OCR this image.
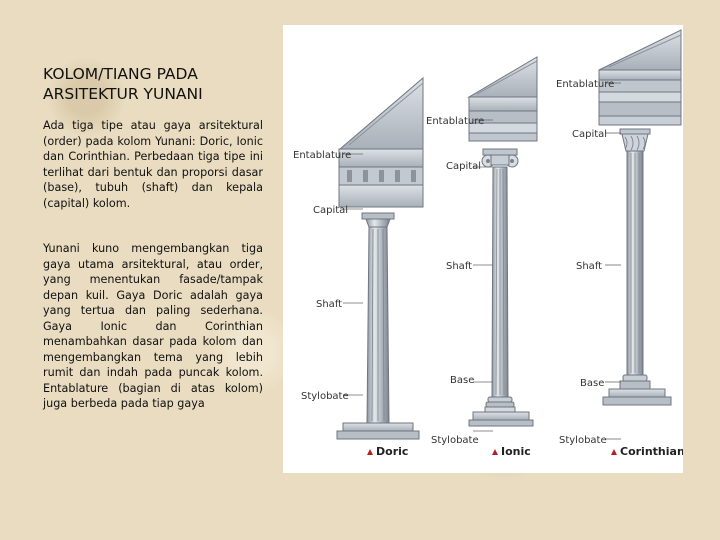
KOLOM/TIANG PADA
ARSITEKTUR YUNANI
Ada tiga tipe atau gaya arsitektural (order) pada kolom Yunani: Doric, Ionic dan Corinthian. Perbedaan tiga tipe ini terlihat dari bentuk dan proporsi dasar (base), tubuh (shaft) dan kepala (capital) kolom.
Yunani kuno mengembangkan tiga gaya utama arsitektural, atau order, yang menentukan fasade/tampak depan kuil. Gaya Doric adalah gaya yang tertua dan paling sederhana. Gaya Ionic dan Corinthian menambahkan dasar pada kolom dan mengembangkan tema yang lebih rumit dan indah pada puncak kolom. Entablature (bagian di atas kolom) juga berbeda pada tiap gaya
Entablature
Capital
Shaft
Stylobate
Entablature
Capital
Shaft
Base
Stylobate
Entablature
Capital
Shaft
Base
Stylobate
Doric	Ionic	Corinthian
